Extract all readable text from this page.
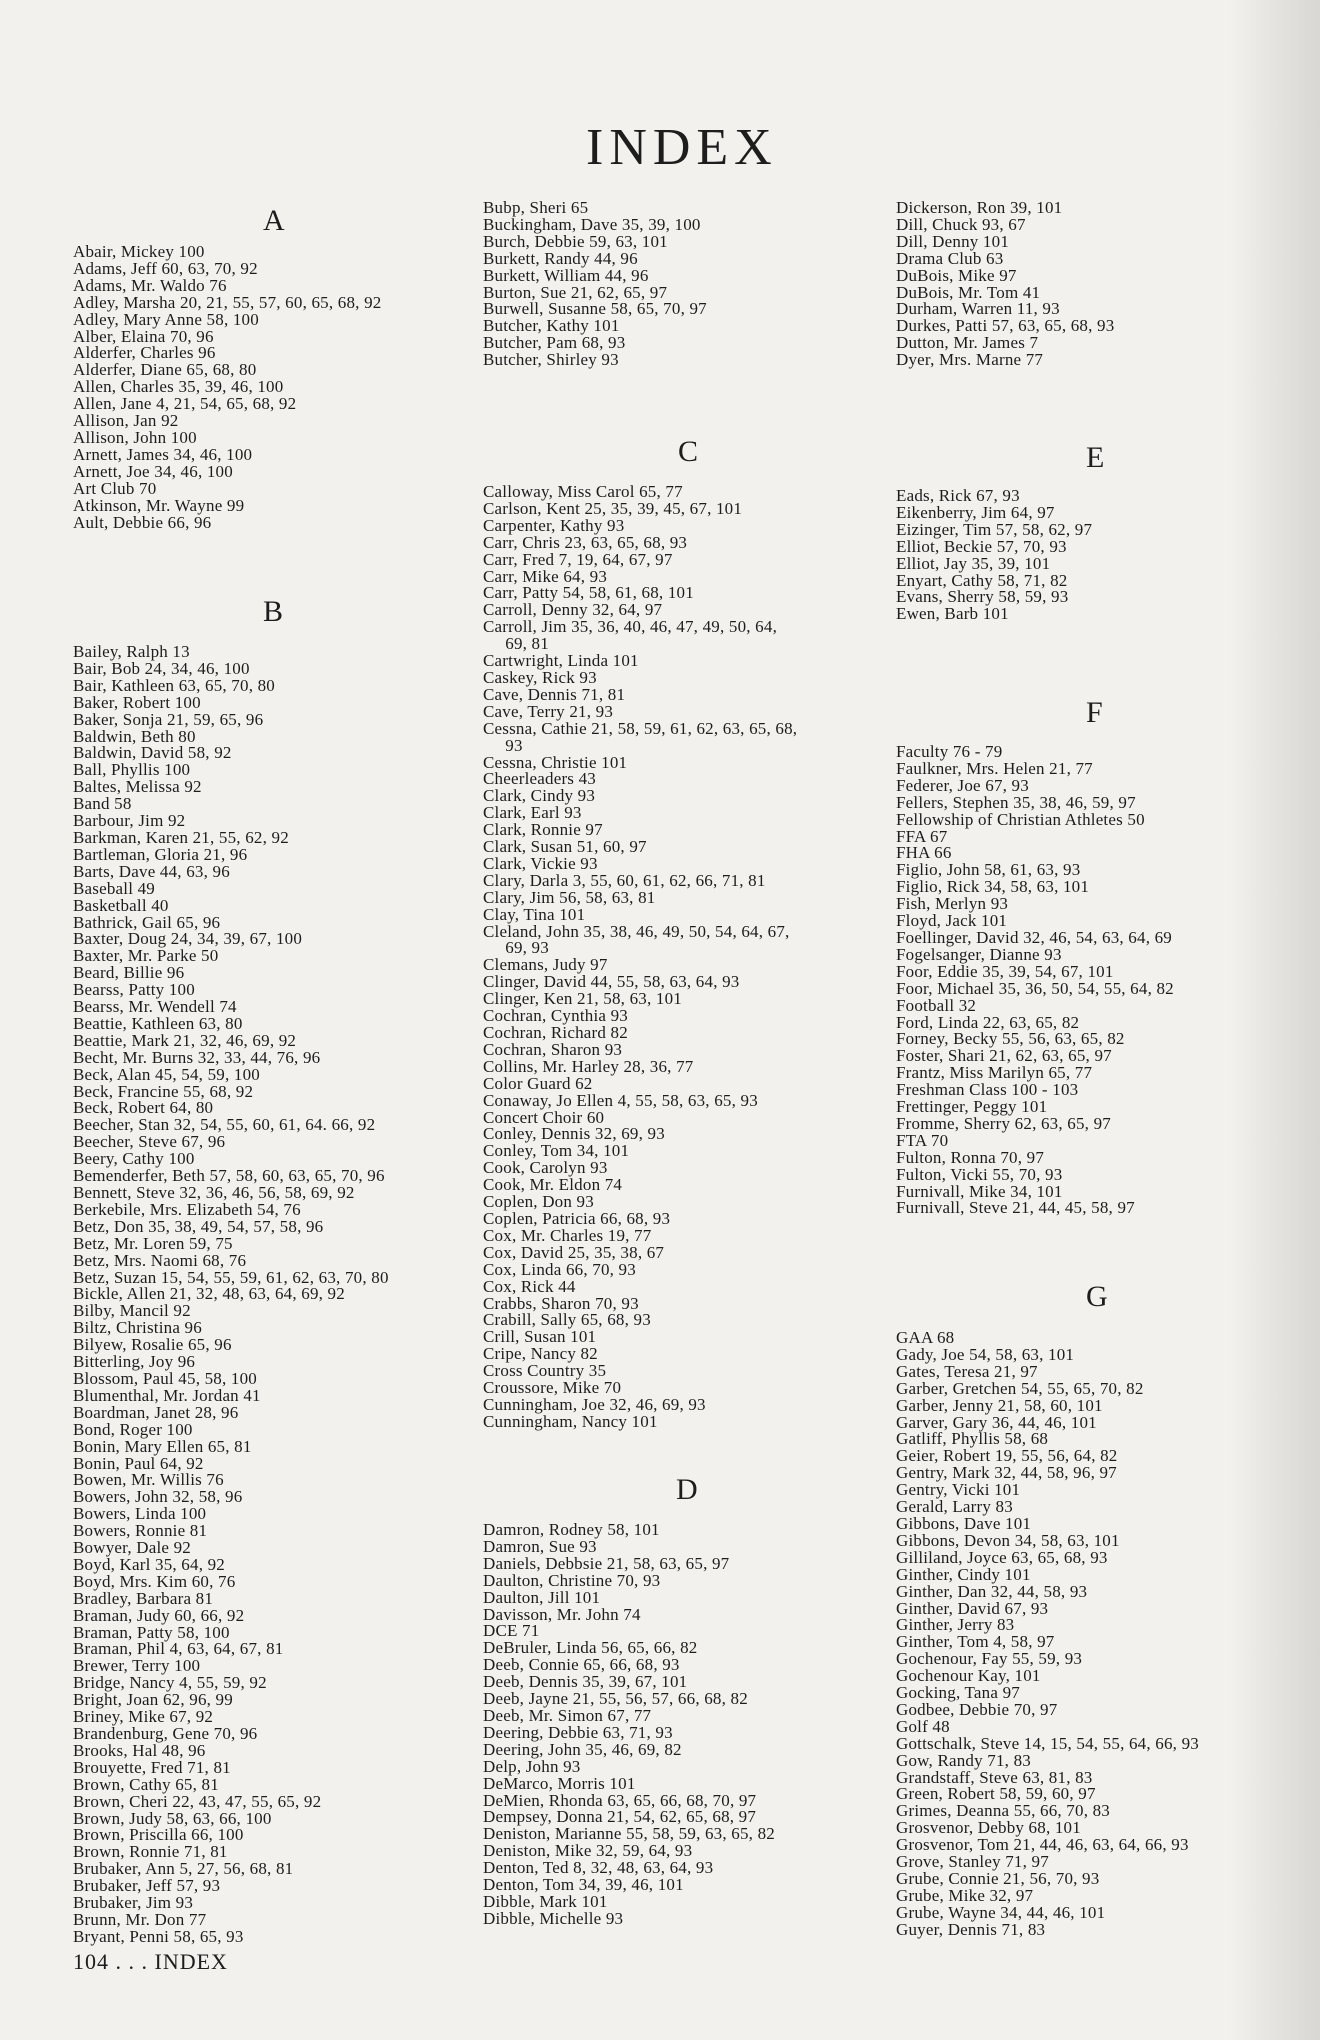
INDEX
A
Abair, Mickey 100
Adams, Jeff 60, 63, 70, 92
Adams, Mr. Waldo 76
Adley, Marsha 20, 21, 55, 57, 60, 65, 68, 92
Adley, Mary Anne 58, 100
Alber, Elaina 70, 96
Alderfer, Charles 96
Alderfer, Diane 65, 68, 80
Allen, Charles 35, 39, 46, 100
Allen, Jane 4, 21, 54, 65, 68, 92
Allison, Jan 92
Allison, John 100
Arnett, James 34, 46, 100
Arnett, Joe 34, 46, 100
Art Club 70
Atkinson, Mr. Wayne 99
Ault, Debbie 66, 96
B
Bailey, Ralph 13
Bair, Bob 24, 34, 46, 100
Bair, Kathleen 63, 65, 70, 80
Baker, Robert 100
Baker, Sonja 21, 59, 65, 96
Baldwin, Beth 80
Baldwin, David 58, 92
Ball, Phyllis 100
Baltes, Melissa 92
Band 58
Barbour, Jim 92
Barkman, Karen 21, 55, 62, 92
Bartleman, Gloria 21, 96
Barts, Dave 44, 63, 96
Baseball 49
Basketball 40
Bathrick, Gail 65, 96
Baxter, Doug 24, 34, 39, 67, 100
Baxter, Mr. Parke 50
Beard, Billie 96
Bearss, Patty 100
Bearss, Mr. Wendell 74
Beattie, Kathleen 63, 80
Beattie, Mark 21, 32, 46, 69, 92
Becht, Mr. Burns 32, 33, 44, 76, 96
Beck, Alan 45, 54, 59, 100
Beck, Francine 55, 68, 92
Beck, Robert 64, 80
Beecher, Stan 32, 54, 55, 60, 61, 64. 66, 92
Beecher, Steve 67, 96
Beery, Cathy 100
Bemenderfer, Beth 57, 58, 60, 63, 65, 70, 96
Bennett, Steve 32, 36, 46, 56, 58, 69, 92
Berkebile, Mrs. Elizabeth 54, 76
Betz, Don 35, 38, 49, 54, 57, 58, 96
Betz, Mr. Loren 59, 75
Betz, Mrs. Naomi 68, 76
Betz, Suzan 15, 54, 55, 59, 61, 62, 63, 70, 80
Bickle, Allen 21, 32, 48, 63, 64, 69, 92
Bilby, Mancil 92
Biltz, Christina 96
Bilyew, Rosalie 65, 96
Bitterling, Joy 96
Blossom, Paul 45, 58, 100
Blumenthal, Mr. Jordan 41
Boardman, Janet 28, 96
Bond, Roger 100
Bonin, Mary Ellen 65, 81
Bonin, Paul 64, 92
Bowen, Mr. Willis 76
Bowers, John 32, 58, 96
Bowers, Linda 100
Bowers, Ronnie 81
Bowyer, Dale 92
Boyd, Karl 35, 64, 92
Boyd, Mrs. Kim 60, 76
Bradley, Barbara 81
Braman, Judy 60, 66, 92
Braman, Patty 58, 100
Braman, Phil 4, 63, 64, 67, 81
Brewer, Terry 100
Bridge, Nancy 4, 55, 59, 92
Bright, Joan 62, 96, 99
Briney, Mike 67, 92
Brandenburg, Gene 70, 96
Brooks, Hal 48, 96
Brouyette, Fred 71, 81
Brown, Cathy 65, 81
Brown, Cheri 22, 43, 47, 55, 65, 92
Brown, Judy 58, 63, 66, 100
Brown, Priscilla 66, 100
Brown, Ronnie 71, 81
Brubaker, Ann 5, 27, 56, 68, 81
Brubaker, Jeff 57, 93
Brubaker, Jim 93
Brunn, Mr. Don 77
Bryant, Penni 58, 65, 93
Bubp, Sheri 65
Buckingham, Dave 35, 39, 100
Burch, Debbie 59, 63, 101
Burkett, Randy 44, 96
Burkett, William 44, 96
Burton, Sue 21, 62, 65, 97
Burwell, Susanne 58, 65, 70, 97
Butcher, Kathy 101
Butcher, Pam 68, 93
Butcher, Shirley 93
C
Calloway, Miss Carol 65, 77
Carlson, Kent 25, 35, 39, 45, 67, 101
Carpenter, Kathy 93
Carr, Chris 23, 63, 65, 68, 93
Carr, Fred 7, 19, 64, 67, 97
Carr, Mike 64, 93
Carr, Patty 54, 58, 61, 68, 101
Carroll, Denny 32, 64, 97
Carroll, Jim 35, 36, 40, 46, 47, 49, 50, 64,
69, 81
Cartwright, Linda 101
Caskey, Rick 93
Cave, Dennis 71, 81
Cave, Terry 21, 93
Cessna, Cathie 21, 58, 59, 61, 62, 63, 65, 68,
93
Cessna, Christie 101
Cheerleaders 43
Clark, Cindy 93
Clark, Earl 93
Clark, Ronnie 97
Clark, Susan 51, 60, 97
Clark, Vickie 93
Clary, Darla 3, 55, 60, 61, 62, 66, 71, 81
Clary, Jim 56, 58, 63, 81
Clay, Tina 101
Cleland, John 35, 38, 46, 49, 50, 54, 64, 67,
69, 93
Clemans, Judy 97
Clinger, David 44, 55, 58, 63, 64, 93
Clinger, Ken 21, 58, 63, 101
Cochran, Cynthia 93
Cochran, Richard 82
Cochran, Sharon 93
Collins, Mr. Harley 28, 36, 77
Color Guard 62
Conaway, Jo Ellen 4, 55, 58, 63, 65, 93
Concert Choir 60
Conley, Dennis 32, 69, 93
Conley, Tom 34, 101
Cook, Carolyn 93
Cook, Mr. Eldon 74
Coplen, Don 93
Coplen, Patricia 66, 68, 93
Cox, Mr. Charles 19, 77
Cox, David 25, 35, 38, 67
Cox, Linda 66, 70, 93
Cox, Rick 44
Crabbs, Sharon 70, 93
Crabill, Sally 65, 68, 93
Crill, Susan 101
Cripe, Nancy 82
Cross Country 35
Croussore, Mike 70
Cunningham, Joe 32, 46, 69, 93
Cunningham, Nancy 101
D
Damron, Rodney 58, 101
Damron, Sue 93
Daniels, Debbsie 21, 58, 63, 65, 97
Daulton, Christine 70, 93
Daulton, Jill 101
Davisson, Mr. John 74
DCE 71
DeBruler, Linda 56, 65, 66, 82
Deeb, Connie 65, 66, 68, 93
Deeb, Dennis 35, 39, 67, 101
Deeb, Jayne 21, 55, 56, 57, 66, 68, 82
Deeb, Mr. Simon 67, 77
Deering, Debbie 63, 71, 93
Deering, John 35, 46, 69, 82
Delp, John 93
DeMarco, Morris 101
DeMien, Rhonda 63, 65, 66, 68, 70, 97
Dempsey, Donna 21, 54, 62, 65, 68, 97
Deniston, Marianne 55, 58, 59, 63, 65, 82
Deniston, Mike 32, 59, 64, 93
Denton, Ted 8, 32, 48, 63, 64, 93
Denton, Tom 34, 39, 46, 101
Dibble, Mark 101
Dibble, Michelle 93
Dickerson, Ron 39, 101
Dill, Chuck 93, 67
Dill, Denny 101
Drama Club 63
DuBois, Mike 97
DuBois, Mr. Tom 41
Durham, Warren 11, 93
Durkes, Patti 57, 63, 65, 68, 93
Dutton, Mr. James 7
Dyer, Mrs. Marne 77
E
Eads, Rick 67, 93
Eikenberry, Jim 64, 97
Eizinger, Tim 57, 58, 62, 97
Elliot, Beckie 57, 70, 93
Elliot, Jay 35, 39, 101
Enyart, Cathy 58, 71, 82
Evans, Sherry 58, 59, 93
Ewen, Barb 101
F
Faculty 76 - 79
Faulkner, Mrs. Helen 21, 77
Federer, Joe 67, 93
Fellers, Stephen 35, 38, 46, 59, 97
Fellowship of Christian Athletes 50
FFA 67
FHA 66
Figlio, John 58, 61, 63, 93
Figlio, Rick 34, 58, 63, 101
Fish, Merlyn 93
Floyd, Jack 101
Foellinger, David 32, 46, 54, 63, 64, 69
Fogelsanger, Dianne 93
Foor, Eddie 35, 39, 54, 67, 101
Foor, Michael 35, 36, 50, 54, 55, 64, 82
Football 32
Ford, Linda 22, 63, 65, 82
Forney, Becky 55, 56, 63, 65, 82
Foster, Shari 21, 62, 63, 65, 97
Frantz, Miss Marilyn 65, 77
Freshman Class 100 - 103
Frettinger, Peggy 101
Fromme, Sherry 62, 63, 65, 97
FTA 70
Fulton, Ronna 70, 97
Fulton, Vicki 55, 70, 93
Furnivall, Mike 34, 101
Furnivall, Steve 21, 44, 45, 58, 97
G
GAA 68
Gady, Joe 54, 58, 63, 101
Gates, Teresa 21, 97
Garber, Gretchen 54, 55, 65, 70, 82
Garber, Jenny 21, 58, 60, 101
Garver, Gary 36, 44, 46, 101
Gatliff, Phyllis 58, 68
Geier, Robert 19, 55, 56, 64, 82
Gentry, Mark 32, 44, 58, 96, 97
Gentry, Vicki 101
Gerald, Larry 83
Gibbons, Dave 101
Gibbons, Devon 34, 58, 63, 101
Gilliland, Joyce 63, 65, 68, 93
Ginther, Cindy 101
Ginther, Dan 32, 44, 58, 93
Ginther, David 67, 93
Ginther, Jerry 83
Ginther, Tom 4, 58, 97
Gochenour, Fay 55, 59, 93
Gochenour Kay, 101
Gocking, Tana 97
Godbee, Debbie 70, 97
Golf 48
Gottschalk, Steve 14, 15, 54, 55, 64, 66, 93
Gow, Randy 71, 83
Grandstaff, Steve 63, 81, 83
Green, Robert 58, 59, 60, 97
Grimes, Deanna 55, 66, 70, 83
Grosvenor, Debby 68, 101
Grosvenor, Tom 21, 44, 46, 63, 64, 66, 93
Grove, Stanley 71, 97
Grube, Connie 21, 56, 70, 93
Grube, Mike 32, 97
Grube, Wayne 34, 44, 46, 101
Guyer, Dennis 71, 83
104 . . . INDEX
